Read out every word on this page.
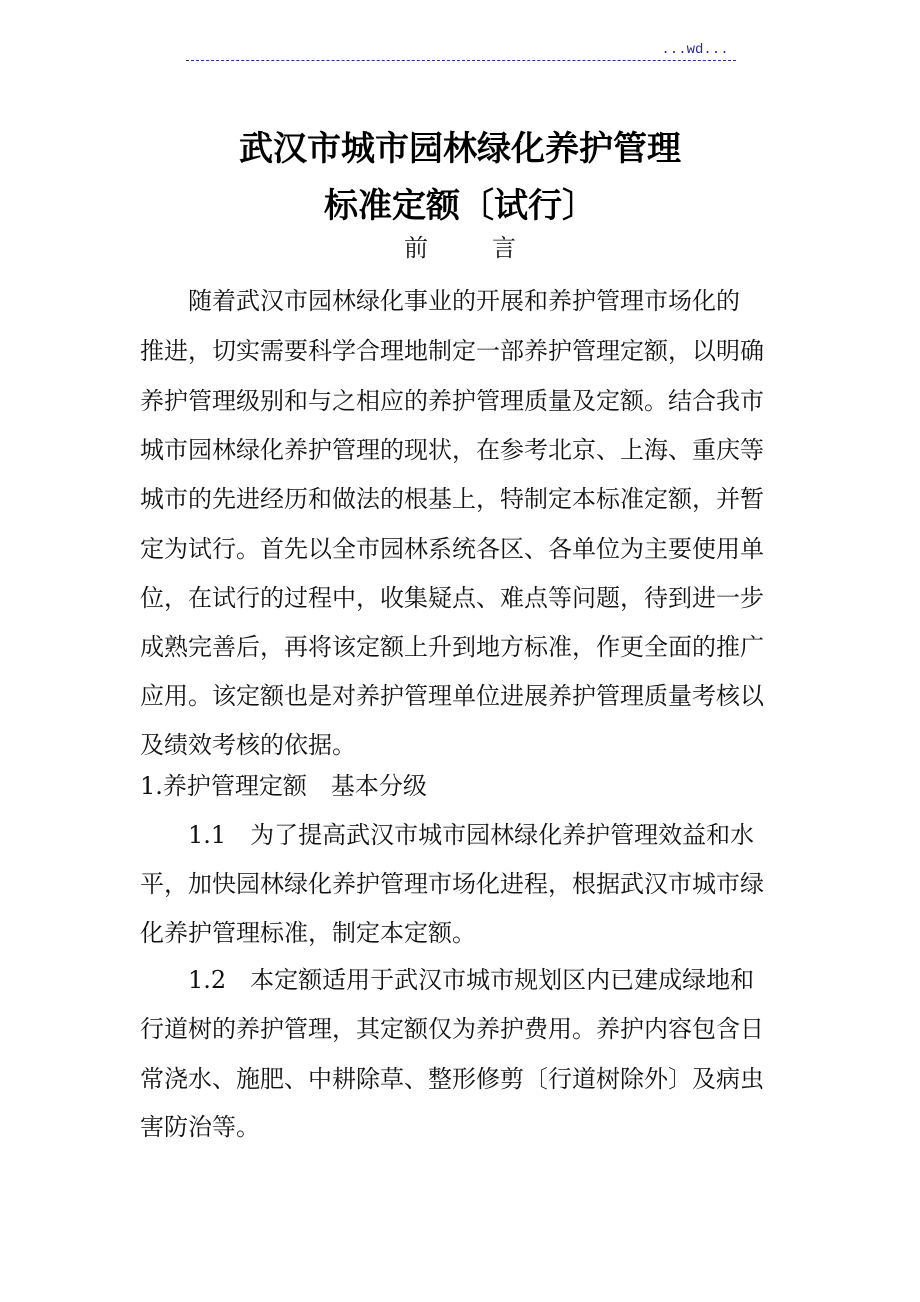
...wd...
武汉市城市园林绿化养护管理
标准定额〔试行〕
前言
　　随着武汉市园林绿化事业的开展和养护管理市场化的
推进，切实需要科学合理地制定一部养护管理定额，以明确
养护管理级别和与之相应的养护管理质量及定额。结合我市
城市园林绿化养护管理的现状，在参考北京、上海、重庆等
城市的先进经历和做法的根基上，特制定本标准定额，并暂
定为试行。首先以全市园林系统各区、各单位为主要使用单
位，在试行的过程中，收集疑点、难点等问题，待到进一步
成熟完善后，再将该定额上升到地方标准，作更全面的推广
应用。该定额也是对养护管理单位进展养护管理质量考核以
及绩效考核的依据。
1.养护管理定额　基本分级
　　1.1　为了提高武汉市城市园林绿化养护管理效益和水
平，加快园林绿化养护管理市场化进程，根据武汉市城市绿
化养护管理标准，制定本定额。
　　1.2　本定额适用于武汉市城市规划区内已建成绿地和
行道树的养护管理，其定额仅为养护费用。养护内容包含日
常浇水、施肥、中耕除草、整形修剪〔行道树除外〕及病虫
害防治等。
